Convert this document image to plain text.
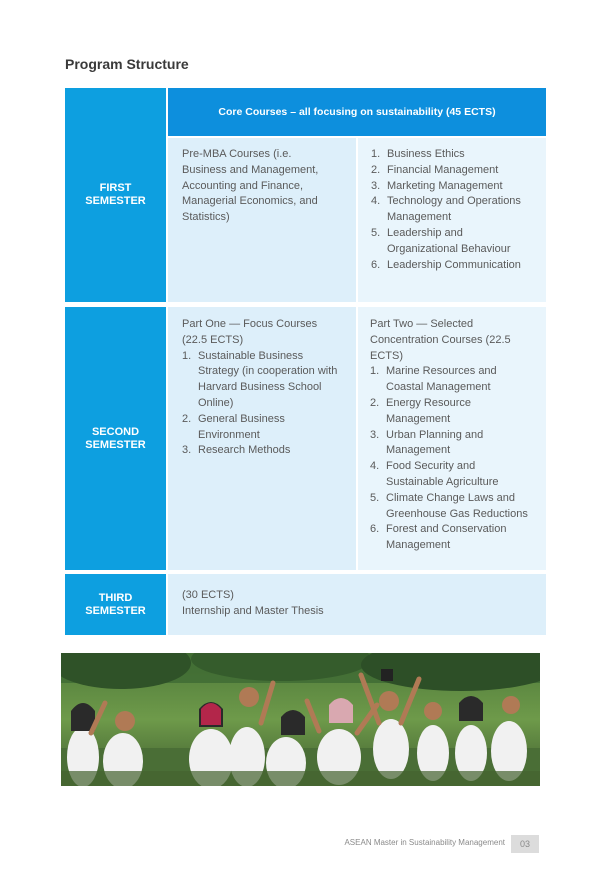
Program Structure
FIRST
SEMESTER
Core Courses – all focusing on sustainability (45 ECTS)

Pre-MBA Courses (i.e.

Business and Management,

Accounting and Finance,

Managerial Economics, and

Statistics)

1. Business Ethics
2. Financial Management
3. Marketing Management
4. Technology and Operations
Management
5. Leadership and
Organizational Behaviour
6. Leadership Communication
SECOND
SEMESTER

Part One — Focus Courses

(22.5 ECTS)

1. Sustainable Business
Strategy (in cooperation with
Harvard Business School
Online)
2. General Business
Environment
3. Research Methods

Part Two — Selected

Concentration Courses (22.5

ECTS)

1. Marine Resources and
Coastal Management
2. Energy Resource
Management
3. Urban Planning and
Management
4. Food Security and
Sustainable Agriculture
5. Climate Change Laws and
Greenhouse Gas Reductions
6. Forest and Conservation
Management
THIRD
SEMESTER

(30 ECTS)

Internship and Master Thesis

ASEAN Master in Sustainability Management	03
